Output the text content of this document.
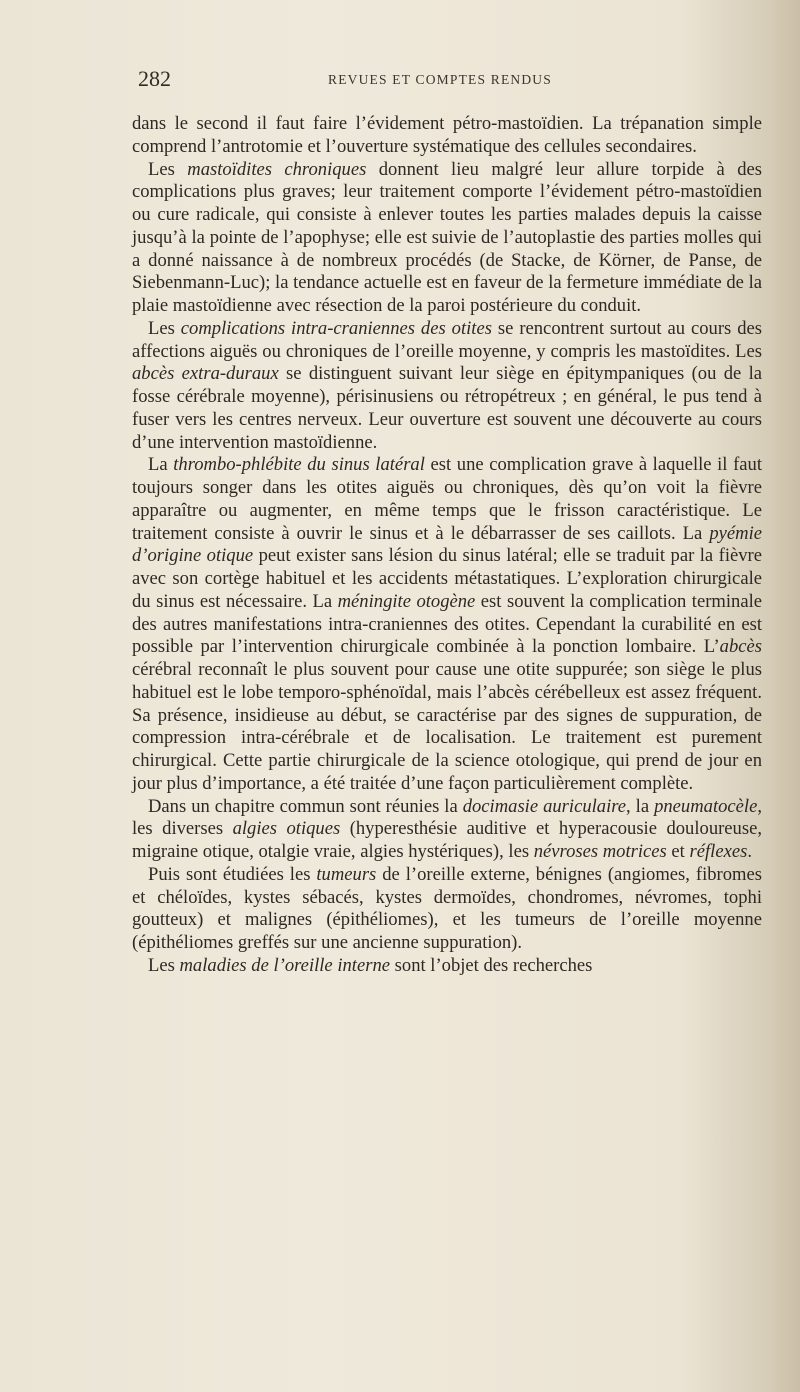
282	REVUES ET COMPTES RENDUS

dans le second il faut faire l’évidement pétro-mastoïdien. La trépanation simple comprend l’antrotomie et l’ouverture systématique des cellules secondaires.

Les mastoïdites chroniques donnent lieu malgré leur allure torpide à des complications plus graves; leur traitement comporte l’évidement pétro-mastoïdien ou cure radicale, qui consiste à enlever toutes les parties malades depuis la caisse jusqu’à la pointe de l’apophyse; elle est suivie de l’autoplastie des parties molles qui a donné naissance à de nombreux procédés (de Stacke, de Körner, de Panse, de Siebenmann-Luc); la tendance actuelle est en faveur de la fermeture immédiate de la plaie mastoïdienne avec résection de la paroi postérieure du conduit.

Les complications intra-craniennes des otites se rencontrent surtout au cours des affections aiguës ou chroniques de l’oreille moyenne, y compris les mastoïdites. Les abcès extra-duraux se distinguent suivant leur siège en épitympaniques (ou de la fosse cérébrale moyenne), périsinusiens ou rétropétreux ; en général, le pus tend à fuser vers les centres nerveux. Leur ouverture est souvent une découverte au cours d’une intervention mastoïdienne.

La thrombo-phlébite du sinus latéral est une complication grave à laquelle il faut toujours songer dans les otites aiguës ou chroniques, dès qu’on voit la fièvre apparaître ou augmenter, en même temps que le frisson caractéristique. Le traitement consiste à ouvrir le sinus et à le débarrasser de ses caillots. La pyémie d’origine otique peut exister sans lésion du sinus latéral; elle se traduit par la fièvre avec son cortège habituel et les accidents métastatiques. L’exploration chirurgicale du sinus est nécessaire. La méningite otogène est souvent la complication terminale des autres manifestations intra-craniennes des otites. Cependant la curabilité en est possible par l’intervention chirurgicale combinée à la ponction lombaire. L’abcès cérébral reconnaît le plus souvent pour cause une otite suppurée; son siège le plus habituel est le lobe temporo-sphénoïdal, mais l’abcès cérébelleux est assez fréquent. Sa présence, insidieuse au début, se caractérise par des signes de suppuration, de compression intra-cérébrale et de localisation. Le traitement est purement chirurgical. Cette partie chirurgicale de la science otologique, qui prend de jour en jour plus d’importance, a été traitée d’une façon particulièrement complète.

Dans un chapitre commun sont réunies la docimasie auriculaire, la pneumatocèle, les diverses algies otiques (hyperesthésie auditive et hyperacousie douloureuse, migraine otique, otalgie vraie, algies hystériques), les névroses motrices et réflexes.

Puis sont étudiées les tumeurs de l’oreille externe, bénignes (angiomes, fibromes et chéloïdes, kystes sébacés, kystes dermoïdes, chondromes, névromes, tophi goutteux) et malignes (épithéliomes), et les tumeurs de l’oreille moyenne (épithéliomes greffés sur une ancienne suppuration).

Les maladies de l’oreille interne sont l’objet des recherches
